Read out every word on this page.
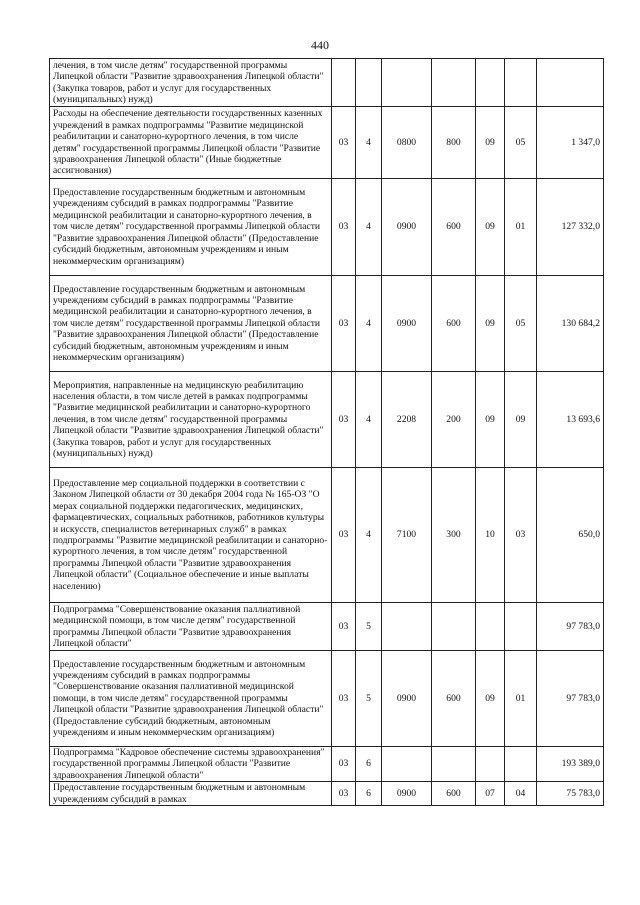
440
лечения, в том числе детям" государственной программы Липецкой области "Развитие здравоохранения Липецкой области" (Закупка товаров, работ и услуг для государственных (муниципальных) нужд)							
Расходы на обеспечение деятельности государственных казенных учреждений в рамках подпрограммы "Развитие медицинской реабилитации и санаторно-курортного лечения, в том числе детям" государственной программы Липецкой области "Развитие здравоохранения Липецкой области" (Иные бюджетные ассигнования)	03	4	0800	800	09	05	1 347,0
Предоставление государственным бюджетным и автономным учреждениям субсидий в рамках подпрограммы "Развитие медицинской реабилитации и санаторно-курортного лечения, в том числе детям" государственной программы Липецкой области "Развитие здравоохранения Липецкой области" (Предоставление субсидий бюджетным, автономным учреждениям и иным некоммерческим организациям)	03	4	0900	600	09	01	127 332,0
Предоставление государственным бюджетным и автономным учреждениям субсидий в рамках подпрограммы "Развитие медицинской реабилитации и санаторно-курортного лечения, в том числе детям" государственной программы Липецкой области "Развитие здравоохранения Липецкой области" (Предоставление субсидий бюджетным, автономным учреждениям и иным некоммерческим организациям)	03	4	0900	600	09	05	130 684,2
Мероприятия, направленные на медицинскую реабилитацию населения области, в том числе детей в рамках подпрограммы "Развитие медицинской реабилитации и санаторно-курортного лечения, в том числе детям" государственной программы Липецкой области "Развитие здравоохранения Липецкой области" (Закупка товаров, работ и услуг для государственных (муниципальных) нужд)	03	4	2208	200	09	09	13 693,6
Предоставление мер социальной поддержки в соответствии с Законом Липецкой области от 30 декабря 2004 года № 165-ОЗ "О мерах социальной поддержки педагогических, медицинских, фармацевтических, социальных работников, работников культуры и искусств, специалистов ветеринарных служб" в рамках подпрограммы "Развитие медицинской реабилитации и санаторно-курортного лечения, в том числе детям" государственной программы Липецкой области "Развитие здравоохранения Липецкой области" (Социальное обеспечение и иные выплаты населению)	03	4	7100	300	10	03	650,0
Подпрограмма "Совершенствование оказания паллиативной медицинской помощи, в том числе детям" государственной программы Липецкой области "Развитие здравоохранения Липецкой области"	03	5					97 783,0
Предоставление государственным бюджетным и автономным учреждениям субсидий в рамках подпрограммы "Совершенствование оказания паллиативной медицинской помощи, в том числе детям" государственной программы Липецкой области "Развитие здравоохранения Липецкой области" (Предоставление субсидий бюджетным, автономным учреждениям и иным некоммерческим организациям)	03	5	0900	600	09	01	97 783,0
Подпрограмма "Кадровое обеспечение системы здравоохранения" государственной программы Липецкой области "Развитие здравоохранения Липецкой области"	03	6					193 389,0
Предоставление государственным бюджетным и автономным учреждениям субсидий в рамках	03	6	0900	600	07	04	75 783,0
